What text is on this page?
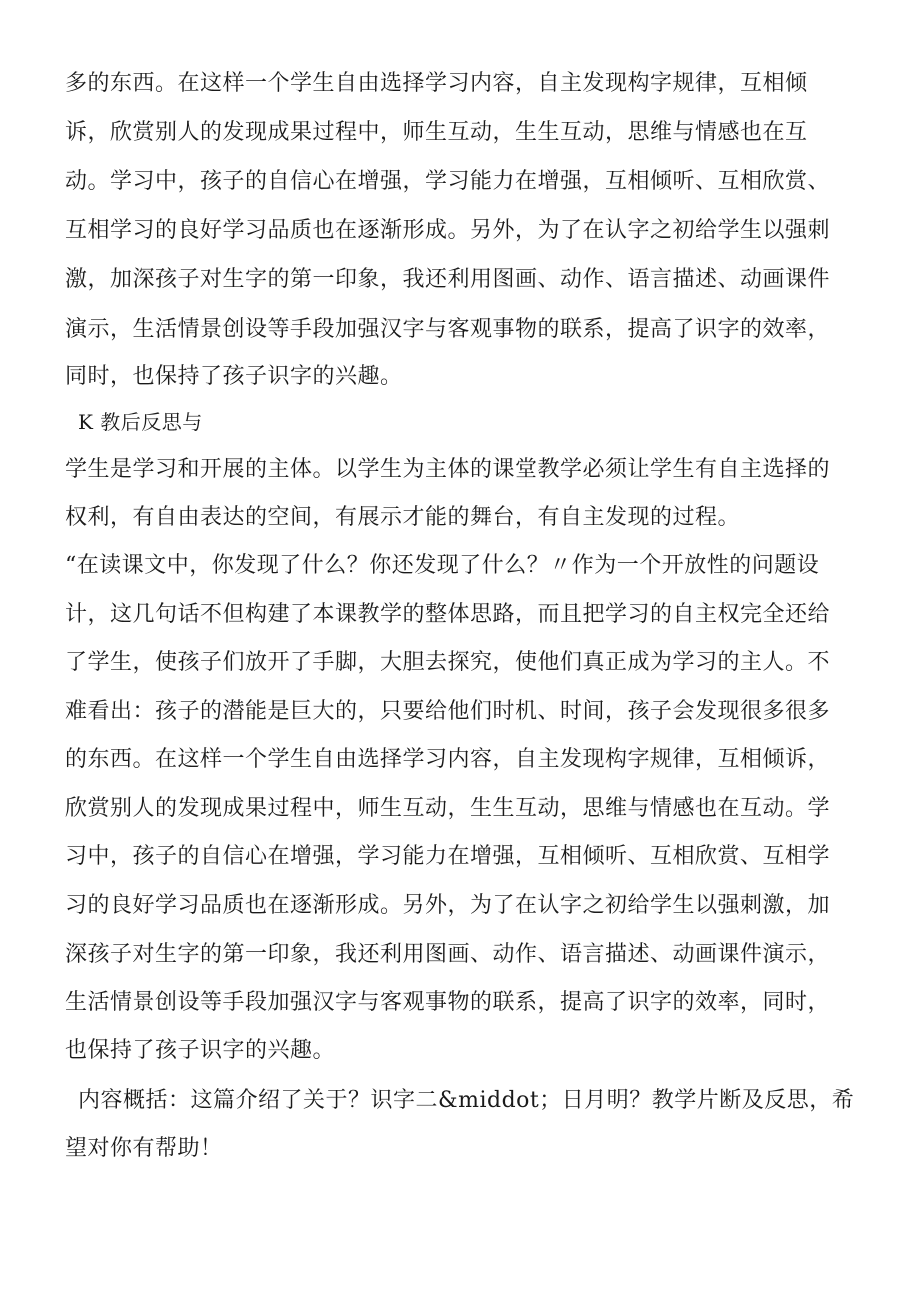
多的东西。在这样一个学生自由选择学习内容，自主发现构字规律，互相倾
诉，欣赏别人的发现成果过程中，师生互动，生生互动，思维与情感也在互
动。学习中，孩子的自信心在增强，学习能力在增强，互相倾听、互相欣赏、
互相学习的良好学习品质也在逐渐形成。另外，为了在认字之初给学生以强刺
激，加深孩子对生字的第一印象，我还利用图画、动作、语言描述、动画课件
演示，生活情景创设等手段加强汉字与客观事物的联系，提高了识字的效率，
同时，也保持了孩子识字的兴趣。
K 教后反思与
学生是学习和开展的主体。以学生为主体的课堂教学必须让学生有自主选择的
权利，有自由表达的空间，有展示才能的舞台，有自主发现的过程。
“在读课文中，你发现了什么？你还发现了什么？〃作为一个开放性的问题设
计，这几句话不但构建了本课教学的整体思路，而且把学习的自主权完全还给
了学生，使孩子们放开了手脚，大胆去探究，使他们真正成为学习的主人。不
难看出：孩子的潜能是巨大的，只要给他们时机、时间，孩子会发现很多很多
的东西。在这样一个学生自由选择学习内容，自主发现构字规律，互相倾诉，
欣赏别人的发现成果过程中，师生互动，生生互动，思维与情感也在互动。学
习中，孩子的自信心在增强，学习能力在增强，互相倾听、互相欣赏、互相学
习的良好学习品质也在逐渐形成。另外，为了在认字之初给学生以强刺激，加
深孩子对生字的第一印象，我还利用图画、动作、语言描述、动画课件演示，
生活情景创设等手段加强汉字与客观事物的联系，提高了识字的效率，同时，
也保持了孩子识字的兴趣。
内容概括：这篇介绍了关于？识字二&middot；日月明？教学片断及反思，希
望对你有帮助！
